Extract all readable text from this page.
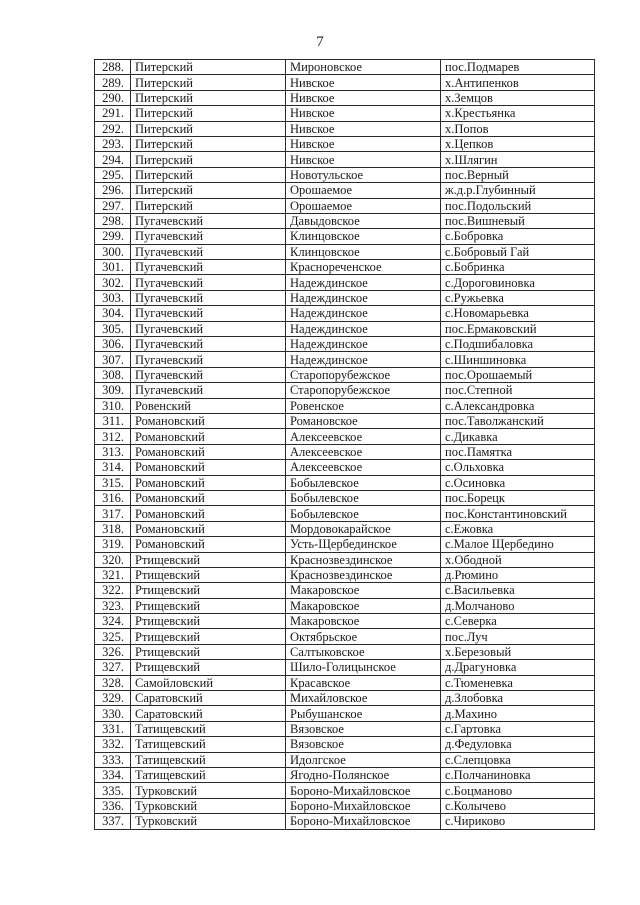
7
288.	Питерский	Мироновское	пос.Подмарев
289.	Питерский	Нивское	х.Антипенков
290.	Питерский	Нивское	х.Земцов
291.	Питерский	Нивское	х.Крестьянка
292.	Питерский	Нивское	х.Попов
293.	Питерский	Нивское	х.Цепков
294.	Питерский	Нивское	х.Шлягин
295.	Питерский	Новотульское	пос.Верный
296.	Питерский	Орошаемое	ж.д.р.Глубинный
297.	Питерский	Орошаемое	пос.Подольский
298.	Пугачевский	Давыдовское	пос.Вишневый
299.	Пугачевский	Клинцовское	с.Бобровка
300.	Пугачевский	Клинцовское	с.Бобровый Гай
301.	Пугачевский	Краснореченское	с.Бобринка
302.	Пугачевский	Надеждинское	с.Дороговиновка
303.	Пугачевский	Надеждинское	с.Ружьевка
304.	Пугачевский	Надеждинское	с.Новомарьевка
305.	Пугачевский	Надеждинское	пос.Ермаковский
306.	Пугачевский	Надеждинское	с.Подшибаловка
307.	Пугачевский	Надеждинское	с.Шиншиновка
308.	Пугачевский	Старопорубежское	пос.Орошаемый
309.	Пугачевский	Старопорубежское	пос.Степной
310.	Ровенский	Ровенское	с.Александровка
311.	Романовский	Романовское	пос.Таволжанский
312.	Романовский	Алексеевское	с.Дикавка
313.	Романовский	Алексеевское	пос.Памятка
314.	Романовский	Алексеевское	с.Ольховка
315.	Романовский	Бобылевское	с.Осиновка
316.	Романовский	Бобылевское	пос.Борецк
317.	Романовский	Бобылевское	пос.Константиновский
318.	Романовский	Мордовокарайское	с.Ежовка
319.	Романовский	Усть-Щербединское	с.Малое Щербедино
320.	Ртищевский	Краснозвездинское	х.Ободной
321.	Ртищевский	Краснозвездинское	д.Рюмино
322.	Ртищевский	Макаровское	с.Васильевка
323.	Ртищевский	Макаровское	д.Молчаново
324.	Ртищевский	Макаровское	с.Северка
325.	Ртищевский	Октябрьское	пос.Луч
326.	Ртищевский	Салтыковское	х.Березовый
327.	Ртищевский	Шило-Голицынское	д.Драгуновка
328.	Самойловский	Красавское	с.Тюменевка
329.	Саратовский	Михайловское	д.Злобовка
330.	Саратовский	Рыбушанское	д.Махино
331.	Татищевский	Вязовское	с.Гартовка
332.	Татищевский	Вязовское	д.Федуловка
333.	Татищевский	Идолгское	с.Слепцовка
334.	Татищевский	Ягодно-Полянское	с.Полчаниновка
335.	Турковский	Бороно-Михайловское	с.Боцманово
336.	Турковский	Бороно-Михайловское	с.Колычево
337.	Турковский	Бороно-Михайловское	с.Чириково
